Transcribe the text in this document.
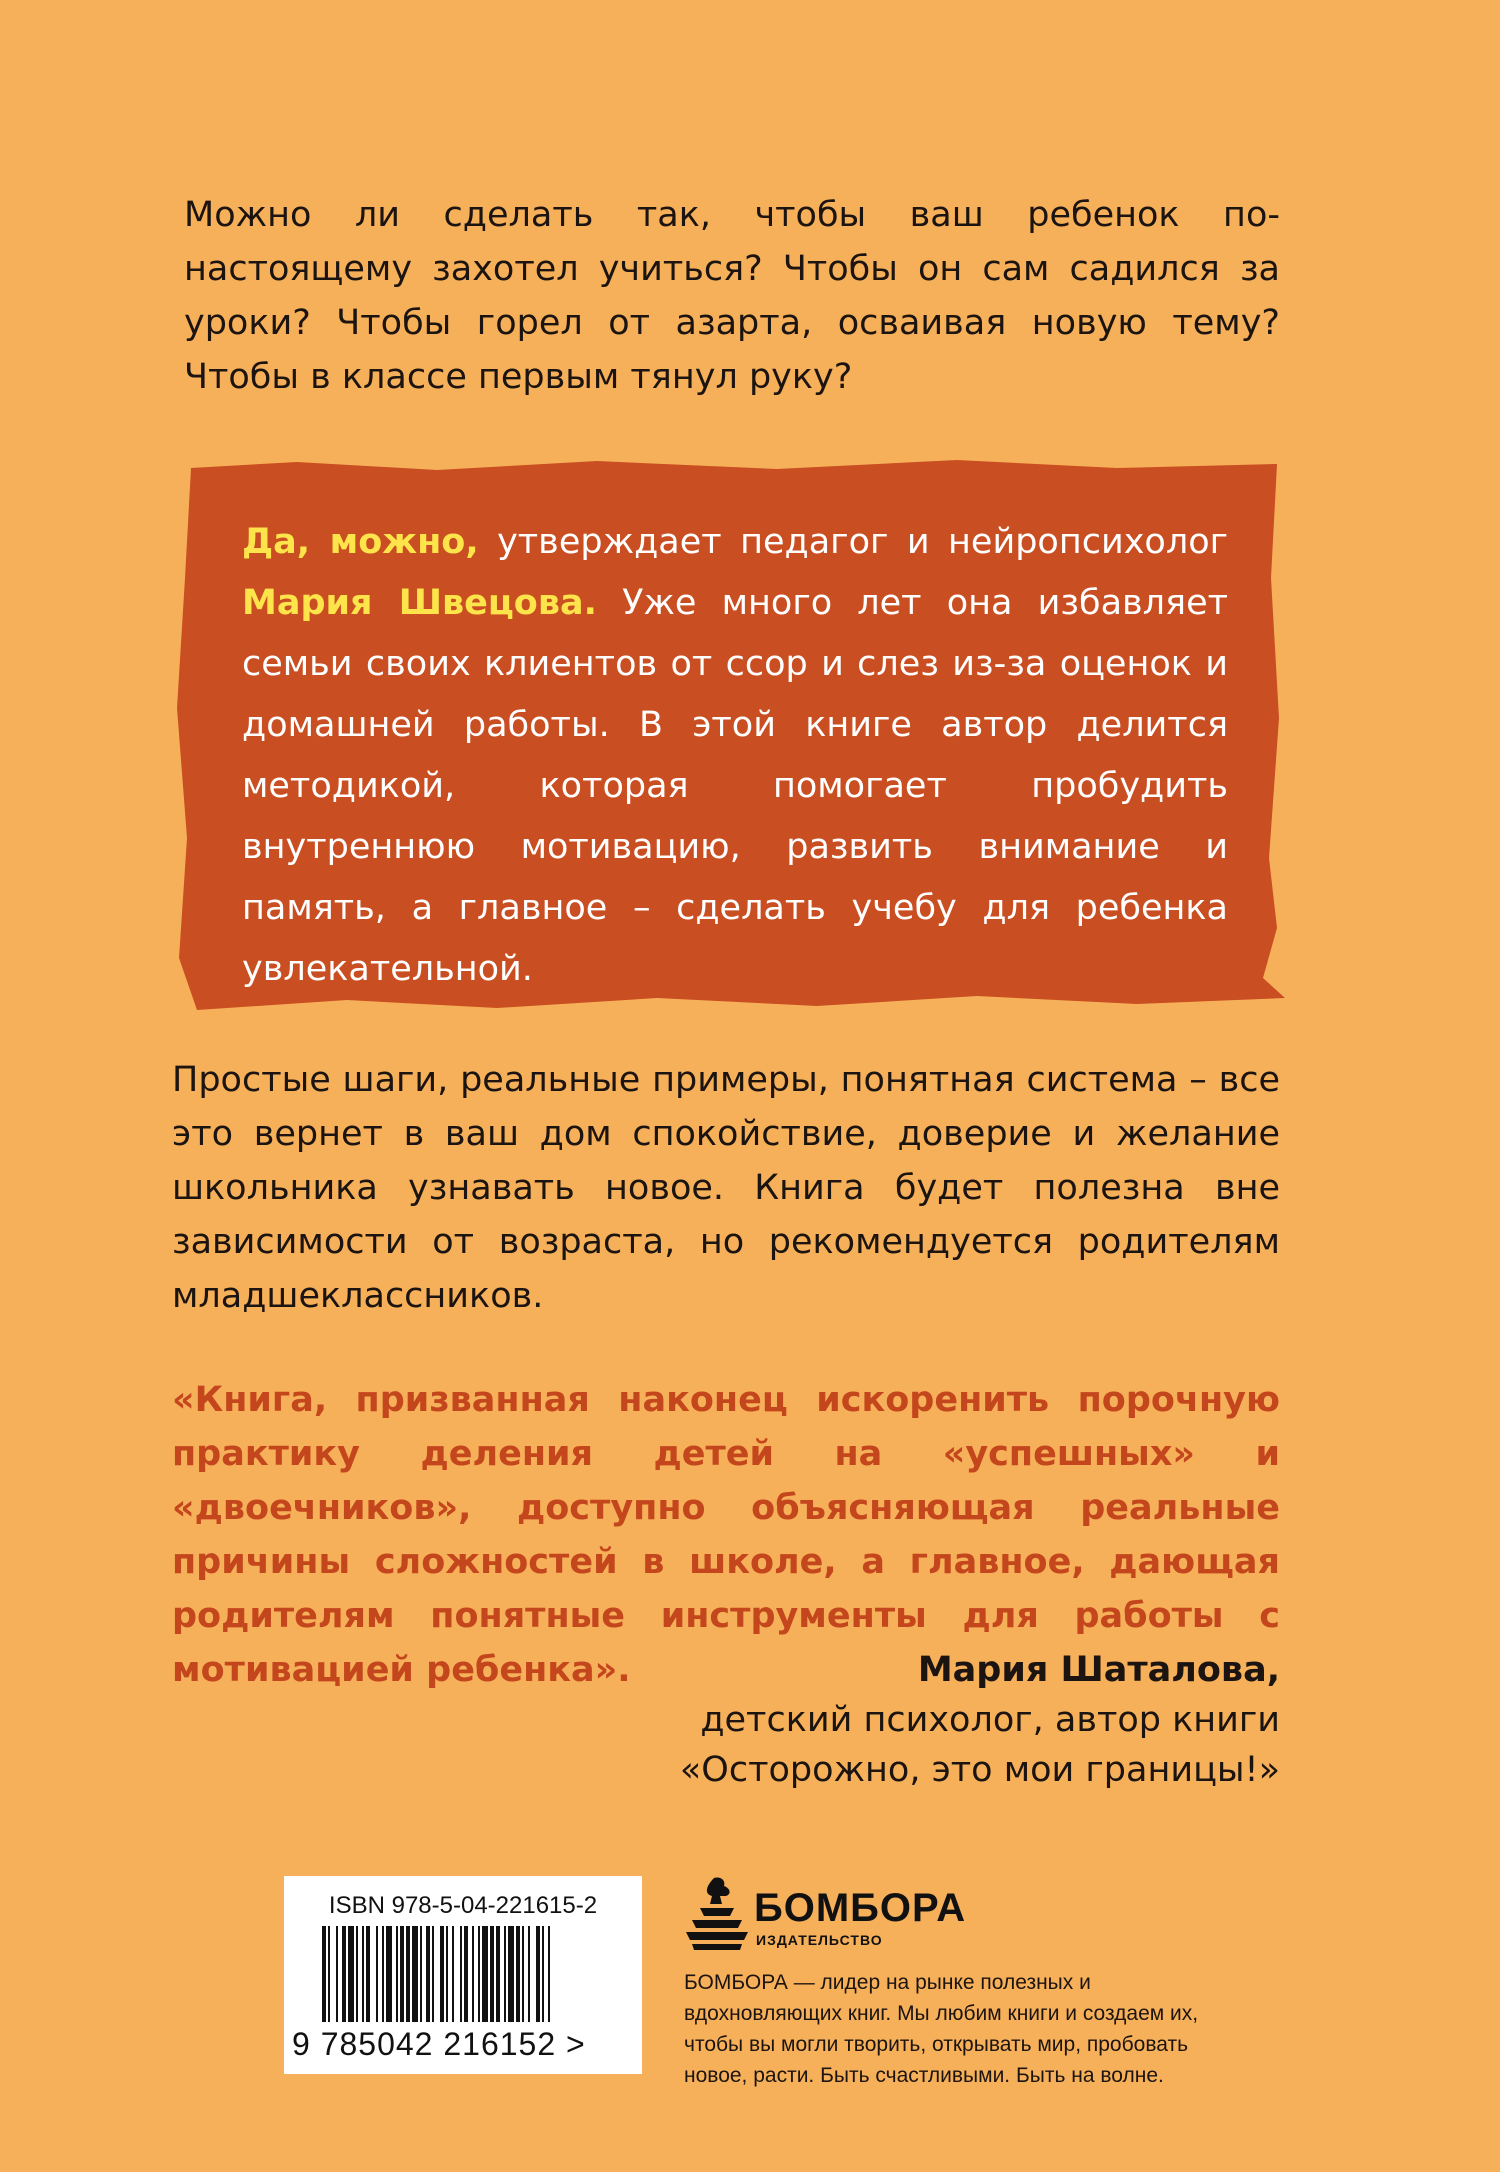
Можно ли сделать так, чтобы ваш ребенок по-настоящему захотел учиться? Чтобы он сам садился за уроки? Чтобы горел от азарта, осваивая новую тему? Чтобы в классе первым тянул руку?

Да, можно, утверждает педагог и нейропсихолог Мария Швецова. Уже много лет она избавляет семьи своих клиентов от ссор и слез из-за оценок и домашней работы. В этой книге автор делится методикой, которая помогает пробудить внутреннюю мотивацию, развить внимание и память, а главное – сделать учебу для ребенка увлекательной.

Простые шаги, реальные примеры, понятная система – все это вернет в ваш дом спокойствие, доверие и желание школьника узнавать новое. Книга будет полезна вне зависимости от возраста, но рекомендуется родителям младшеклассников.

«Книга, призванная наконец искоренить порочную практику деления детей на «успешных» и «двоечников», доступно объясняющая реальные причины сложностей в школе, а главное, дающая родителям понятные инструменты для работы с мотивацией ребенка».	Мария Шаталова,
детский психолог, автор книги
«Осторожно, это мои границы!»

ISBN 978-5-04-221615-2
9 785042 216152 >
БОМБОРА
ИЗДАТЕЛЬСТВО

БОМБОРА — лидер на рынке полезных и вдохновляющих книг. Мы любим книги и создаем их, чтобы вы могли творить, открывать мир, пробовать новое, расти. Быть счастливыми. Быть на волне.
